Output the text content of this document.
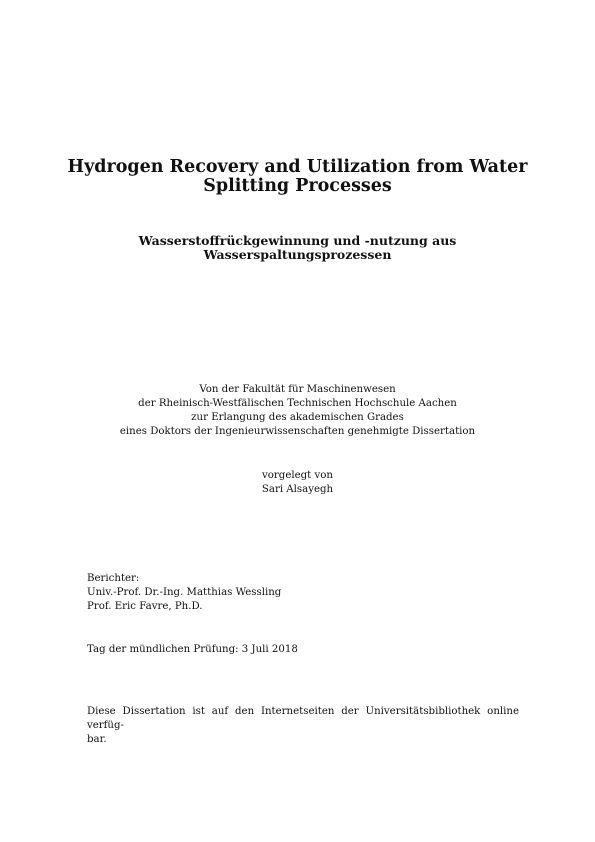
Hydrogen Recovery and Utilization from Water
Splitting Processes
Wasserstoffrückgewinnung und -nutzung aus
Wasserspaltungsprozessen
Von der Fakultät für Maschinenwesen
der Rheinisch-Westfälischen Technischen Hochschule Aachen
zur Erlangung des akademischen Grades
eines Doktors der Ingenieurwissenschaften genehmigte Dissertation
vorgelegt von
Sari Alsayegh
Berichter:
Univ.-Prof. Dr.-Ing. Matthias Wessling
Prof. Eric Favre, Ph.D.
Tag der mündlichen Prüfung: 3 Juli 2018
Diese Dissertation ist auf den Internetseiten der Universitätsbibliothek online verfüg-
bar.
